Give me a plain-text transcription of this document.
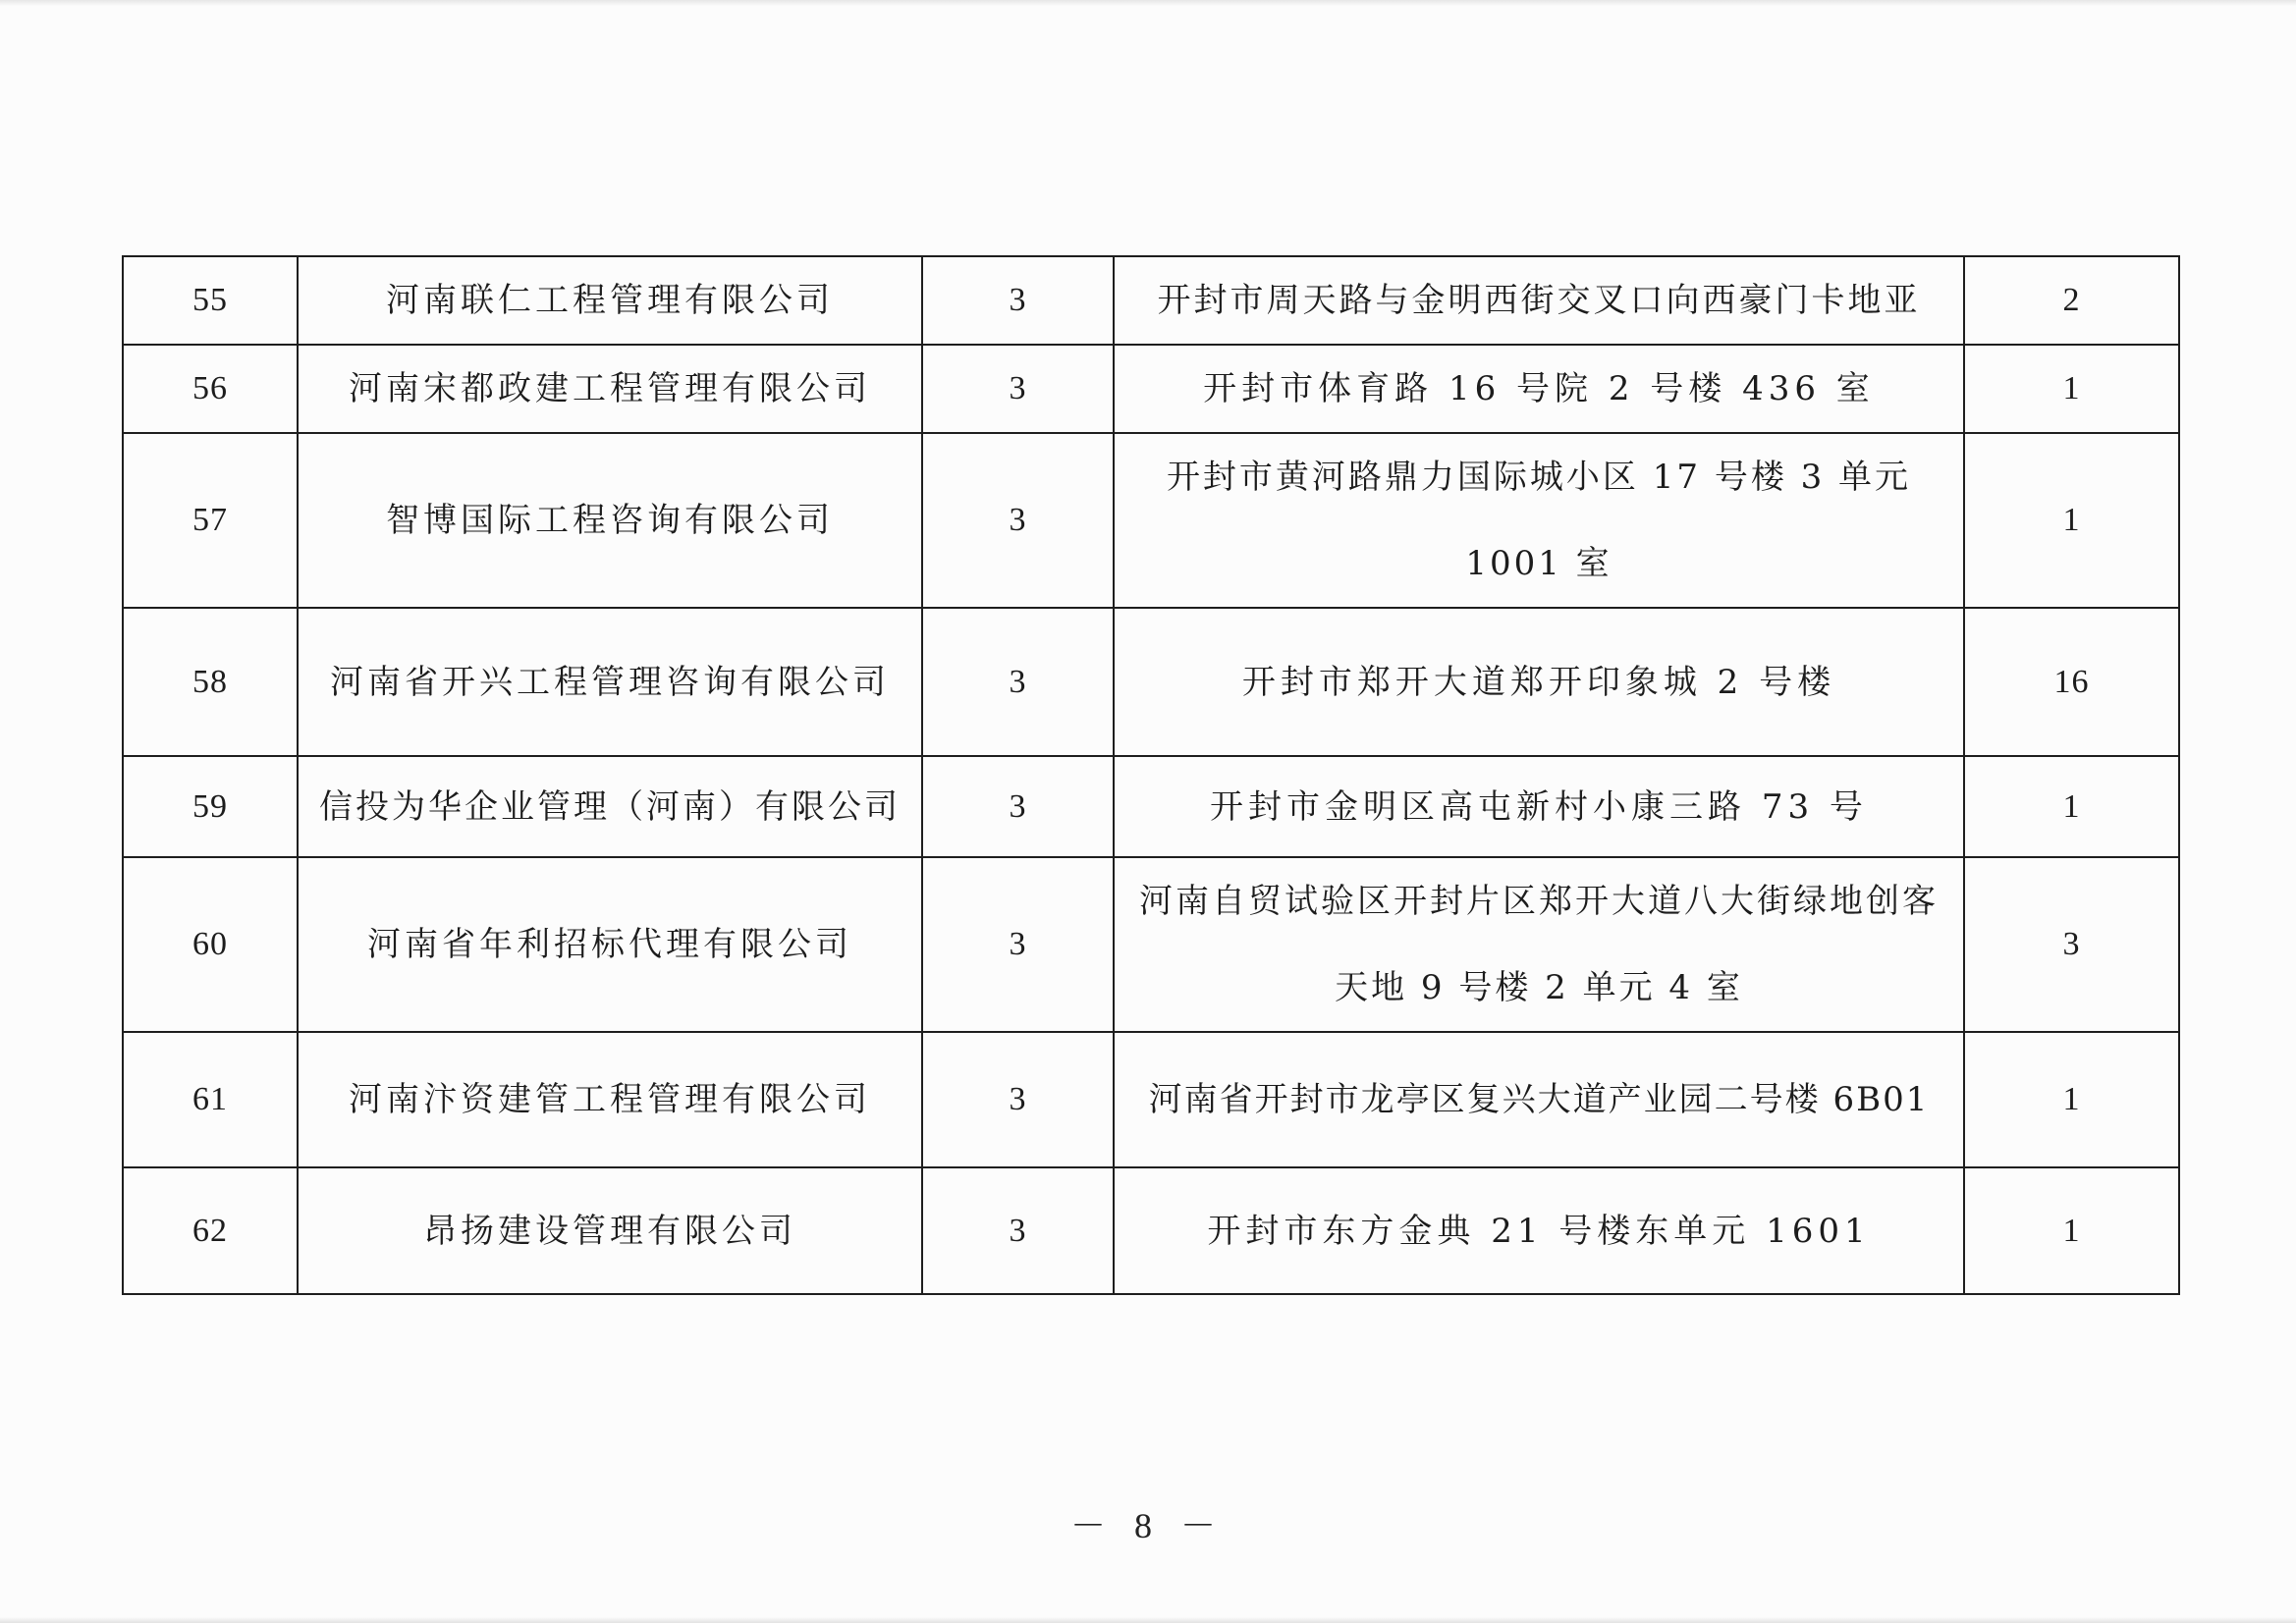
55	河南联仁工程管理有限公司	3	开封市周天路与金明西街交叉口向西豪门卡地亚	2
56	河南宋都政建工程管理有限公司	3	开封市体育路 16 号院 2 号楼 436 室	1
57	智博国际工程咨询有限公司	3	开封市黄河路鼎力国际城小区 17 号楼 3 单元 1001 室	1
58	河南省开兴工程管理咨询有限公司	3	开封市郑开大道郑开印象城 2 号楼	16
59	信投为华企业管理（河南）有限公司	3	开封市金明区高屯新村小康三路 73 号	1
60	河南省年利招标代理有限公司	3	河南自贸试验区开封片区郑开大道八大街绿地创客天地 9 号楼 2 单元 4 室	3
61	河南汴资建管工程管理有限公司	3	河南省开封市龙亭区复兴大道产业园二号楼 6B01	1
62	昂扬建设管理有限公司	3	开封市东方金典 21 号楼东单元 1601	1
－ 8 －
